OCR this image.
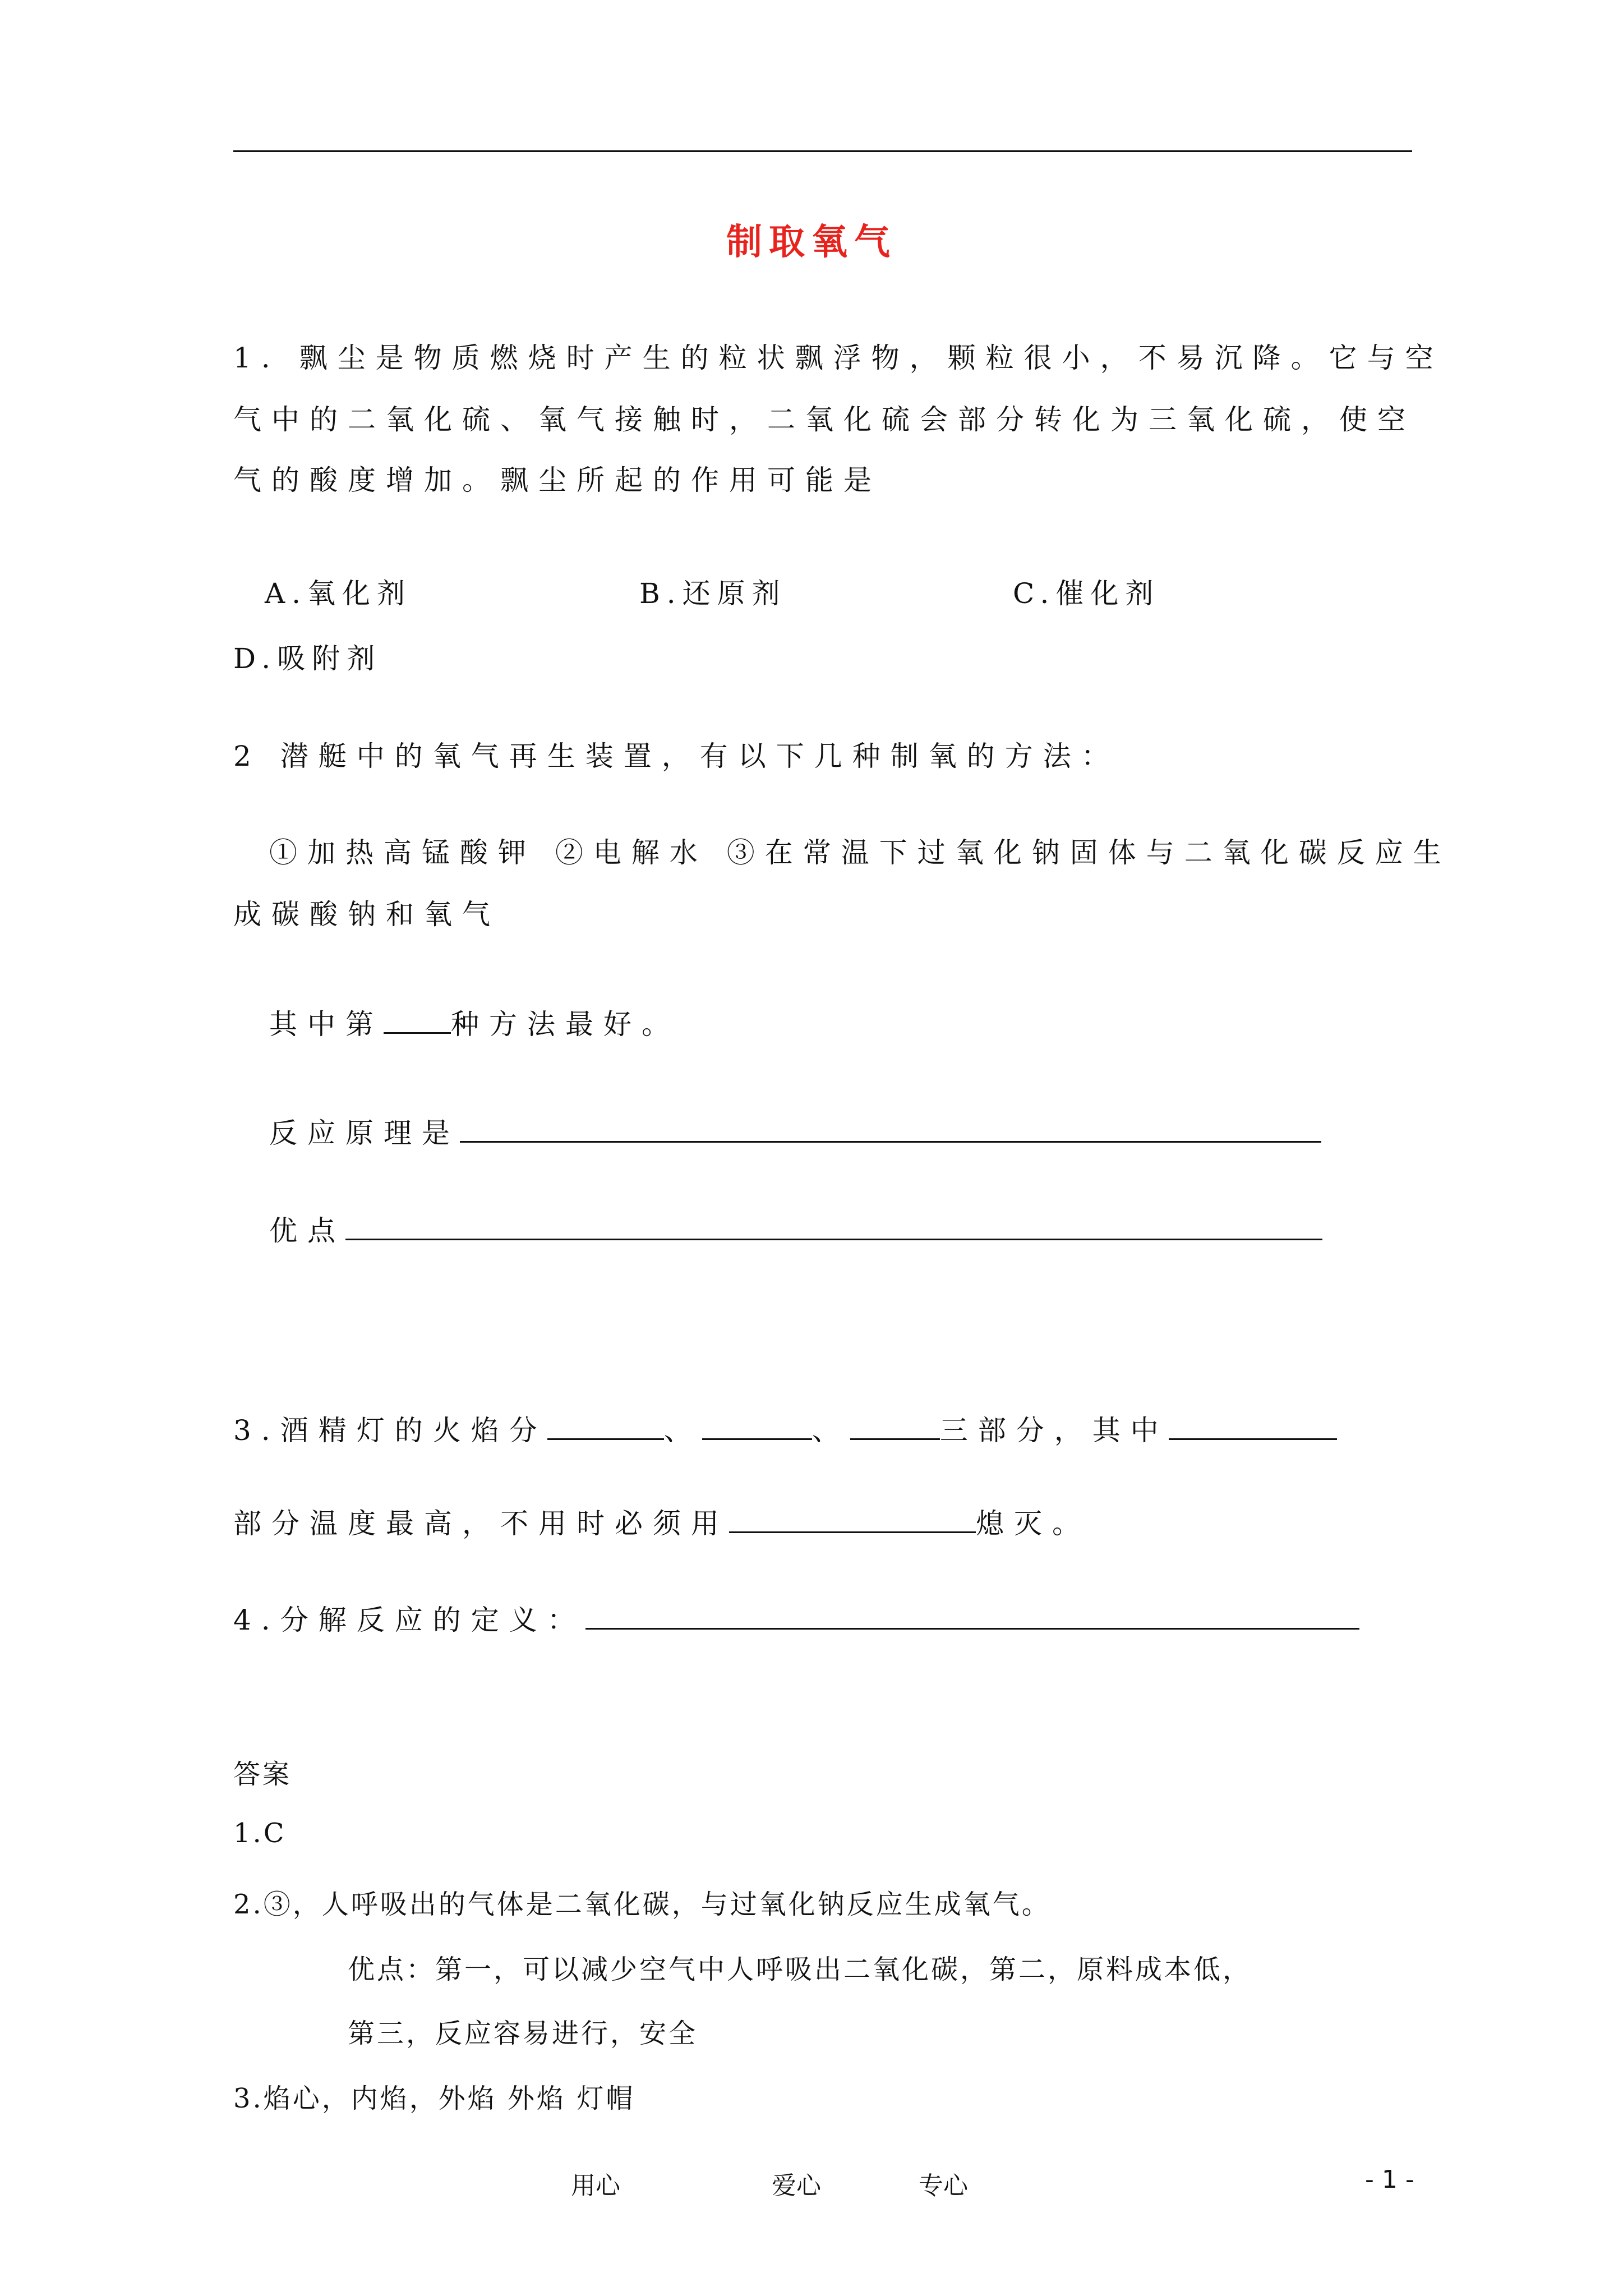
制取氧气
1. 飘尘是物质燃烧时产生的粒状飘浮物，颗粒很小，不易沉降。它与空
气中的二氧化硫、氧气接触时，二氧化硫会部分转化为三氧化硫，使空
气的酸度增加。飘尘所起的作用可能是
A.氧化剂	B.还原剂	C.催化剂
D.吸附剂
2 潜艇中的氧气再生装置，有以下几种制氧的方法：
①加热高锰酸钾 ②电解水 ③在常温下过氧化钠固体与二氧化碳反应生
成碳酸钠和氧气
其中第 种方法最好。
反应原理是
优点
3.酒精灯的火焰分	、	、	三部分，其中
部分温度最高，不用时必须用	熄灭。
4.分解反应的定义：
答案
1.C
2.③，人呼吸出的气体是二氧化碳，与过氧化钠反应生成氧气。
优点：第一，可以减少空气中人呼吸出二氧化碳，第二，原料成本低，
第三，反应容易进行，安全
3.焰心，内焰，外焰 外焰 灯帽
用心	爱心	专心	- 1 -
